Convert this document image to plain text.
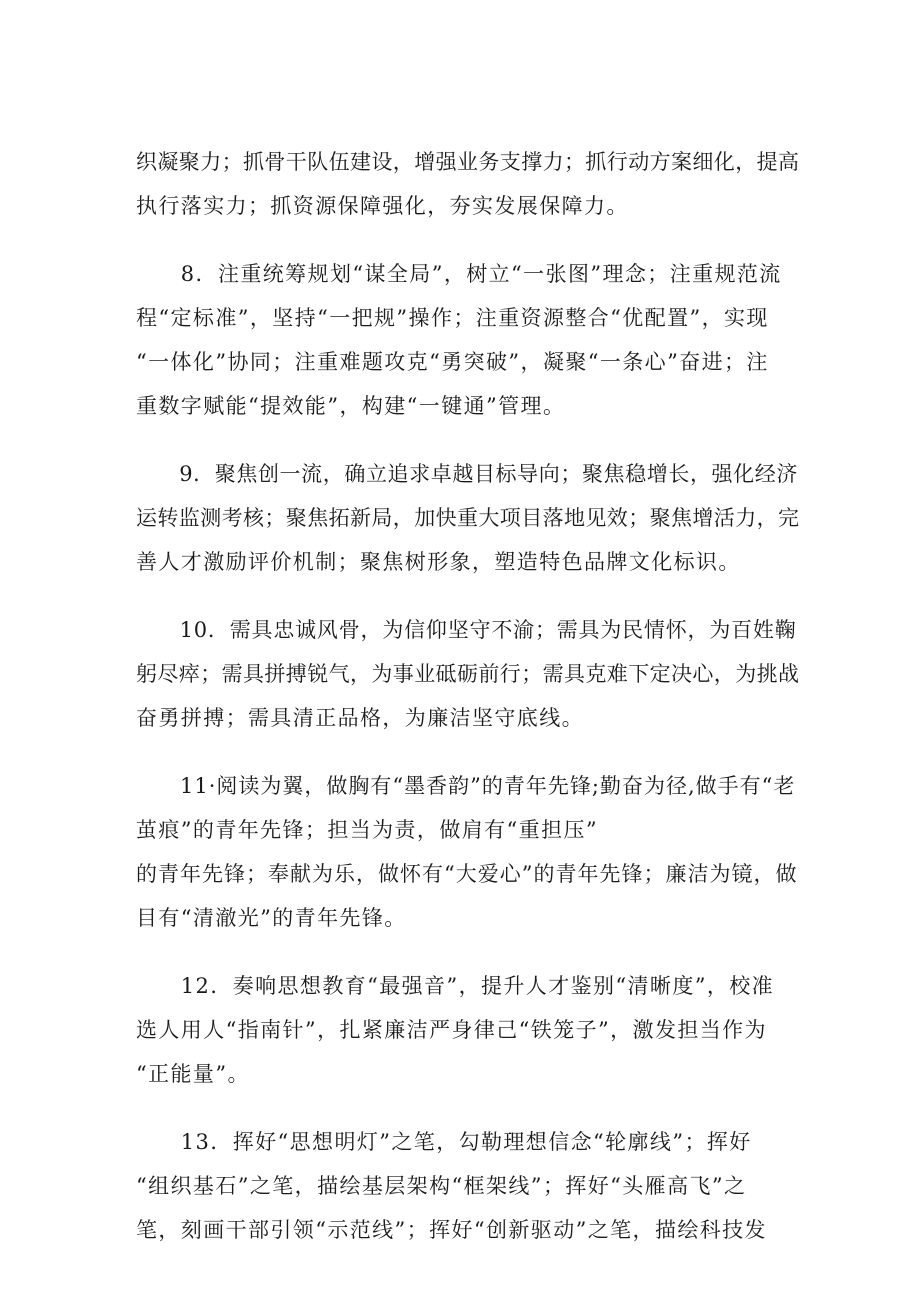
织凝聚力；抓骨干队伍建设，增强业务支撑力；抓行动方案细化，提高
执行落实力；抓资源保障强化，夯实发展保障力。

　　8．注重统筹规划“谋全局”，树立“一张图”理念；注重规范流
程“定标准”，坚持“一把规”操作；注重资源整合“优配置”，实现
“一体化”协同；注重难题攻克“勇突破”，凝聚“一条心”奋进；注
重数字赋能“提效能”，构建“一键通”管理。

　　9．聚焦创一流，确立追求卓越目标导向；聚焦稳增长，强化经济
运转监测考核；聚焦拓新局，加快重大项目落地见效；聚焦增活力，完
善人才激励评价机制；聚焦树形象，塑造特色品牌文化标识。

　　10．需具忠诚风骨，为信仰坚守不渝；需具为民情怀，为百姓鞠
躬尽瘁；需具拼搏锐气，为事业砥砺前行；需具克难下定决心，为挑战
奋勇拼搏；需具清正品格，为廉洁坚守底线。

　　11·阅读为翼，做胸有“墨香韵”的青年先锋;勤奋为径,做手有“老
茧痕”的青年先锋；担当为责，做肩有“重担压”
的青年先锋；奉献为乐，做怀有“大爱心”的青年先锋；廉洁为镜，做
目有“清澈光”的青年先锋。

　　12．奏响思想教育“最强音”，提升人才鉴别“清晰度”，校准
选人用人“指南针”，扎紧廉洁严身律己“铁笼子”，激发担当作为
“正能量”。

　　13．挥好“思想明灯”之笔，勾勒理想信念“轮廓线”；挥好
“组织基石”之笔，描绘基层架构“框架线”；挥好“头雁高飞”之
笔，刻画干部引领“示范线”；挥好“创新驱动”之笔，描绘科技发
